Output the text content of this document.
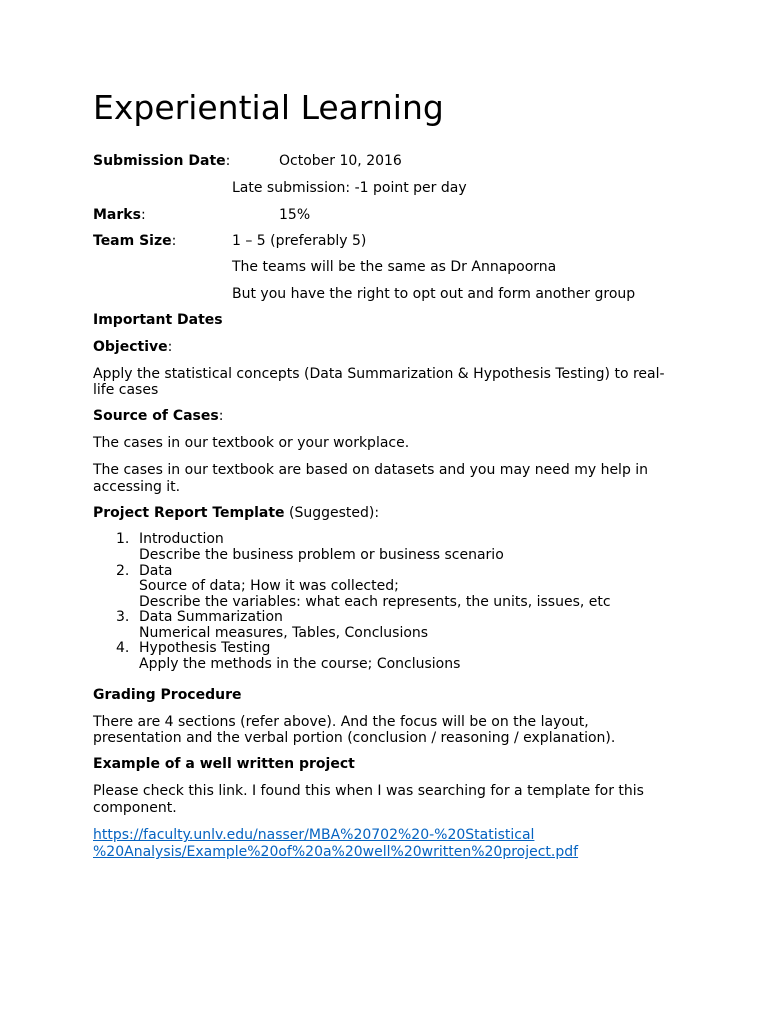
Experiential Learning
Submission Date:	October 10, 2016
Late submission: -1 point per day
Marks:	15%
Team Size:	1 – 5 (preferably 5)
The teams will be the same as Dr Annapoorna
But you have the right to opt out and form another group
Important Dates
Objective:
Apply the statistical concepts (Data Summarization & Hypothesis Testing) to real-
life cases
Source of Cases:
The cases in our textbook or your workplace.
The cases in our textbook are based on datasets and you may need my help in
accessing it.
Project Report Template (Suggested):
1. Introduction
Describe the business problem or business scenario
2. Data
Source of data; How it was collected;
Describe the variables: what each represents, the units, issues, etc
3. Data Summarization
Numerical measures, Tables, Conclusions
4. Hypothesis Testing
Apply the methods in the course; Conclusions
Grading Procedure
There are 4 sections (refer above). And the focus will be on the layout,
presentation and the verbal portion (conclusion / reasoning / explanation).
Example of a well written project
Please check this link. I found this when I was searching for a template for this
component.
https://faculty.unlv.edu/nasser/MBA%20702%20-%20Statistical
%20Analysis/Example%20of%20a%20well%20written%20project.pdf
